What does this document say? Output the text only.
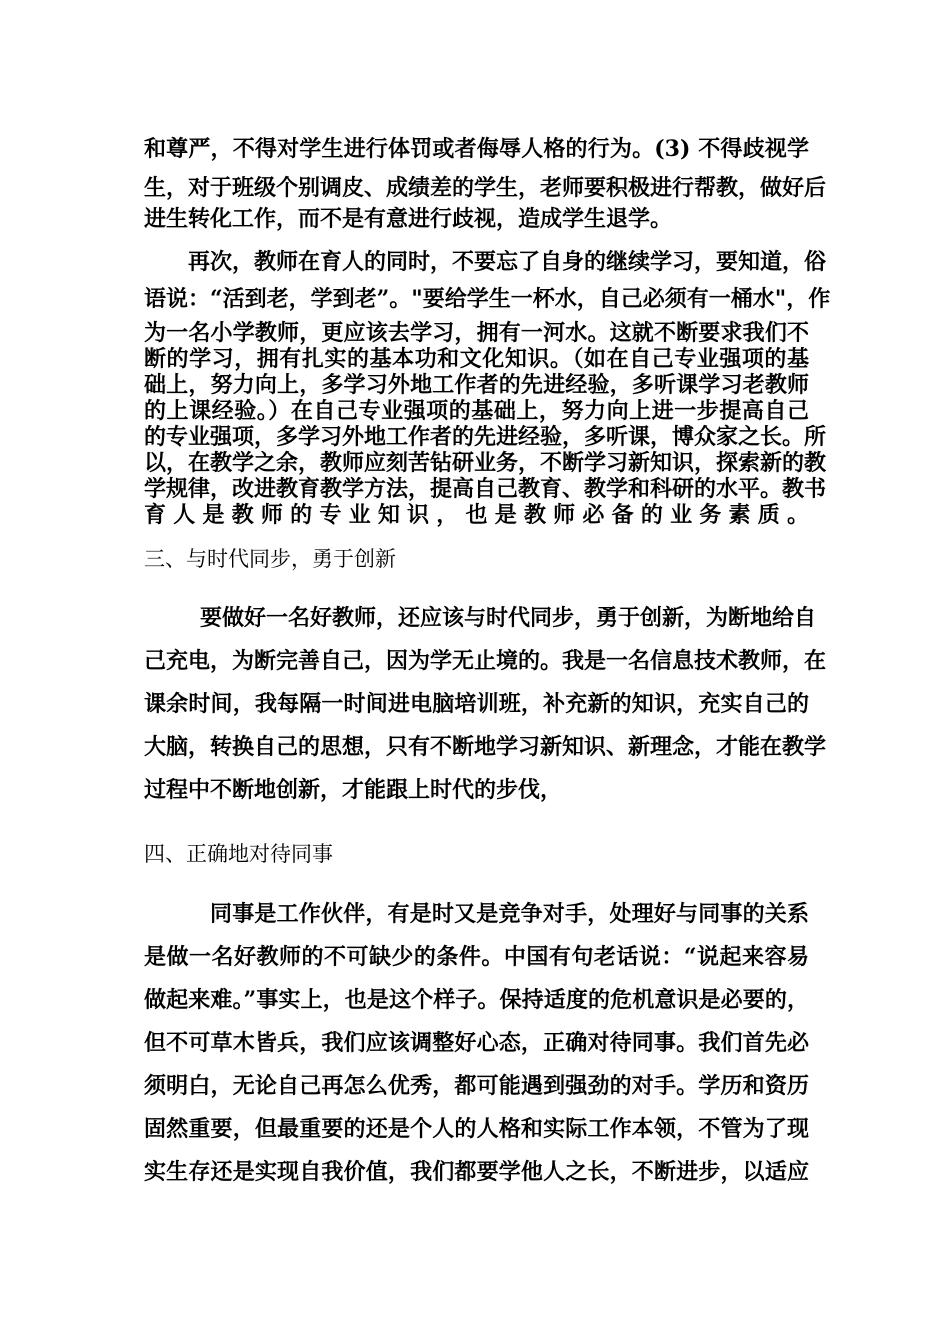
和尊严，不得对学生进行体罚或者侮辱人格的行为。(3) 不得歧视学
生，对于班级个别调皮、成绩差的学生，老师要积极进行帮教，做好后
进生转化工作，而不是有意进行歧视，造成学生退学。
再次，教师在育人的同时，不要忘了自身的继续学习，要知道，俗
语说：“活到老，学到老”。"要给学生一杯水，自己必须有一桶水"，作
为一名小学教师，更应该去学习，拥有一河水。这就不断要求我们不
断的学习，拥有扎实的基本功和文化知识。（如在自己专业强项的基
础上，努力向上，多学习外地工作者的先进经验，多听课学习老教师
的上课经验。）在自己专业强项的基础上，努力向上进一步提高自己
的专业强项，多学习外地工作者的先进经验，多听课，博众家之长。所
以，在教学之余，教师应刻苦钻研业务，不断学习新知识，探索新的教
学规律，改进教育教学方法，提高自己教育、教学和科研的水平。教书
育人是教师的专业知识，也是教师必备的业务素质。
三、与时代同步，勇于创新
要做好一名好教师，还应该与时代同步，勇于创新，为断地给自
己充电，为断完善自己，因为学无止境的。我是一名信息技术教师，在
课余时间，我每隔一时间进电脑培训班，补充新的知识，充实自己的
大脑，转换自己的思想，只有不断地学习新知识、新理念，才能在教学
过程中不断地创新，才能跟上时代的步伐，
四、正确地对待同事
同事是工作伙伴，有是时又是竞争对手，处理好与同事的关系
是做一名好教师的不可缺少的条件。中国有句老话说：“说起来容易
做起来难。”事实上，也是这个样子。保持适度的危机意识是必要的，
但不可草木皆兵，我们应该调整好心态，正确对待同事。我们首先必
须明白，无论自己再怎么优秀，都可能遇到强劲的对手。学历和资历
固然重要，但最重要的还是个人的人格和实际工作本领，不管为了现
实生存还是实现自我价值，我们都要学他人之长，不断进步，以适应
